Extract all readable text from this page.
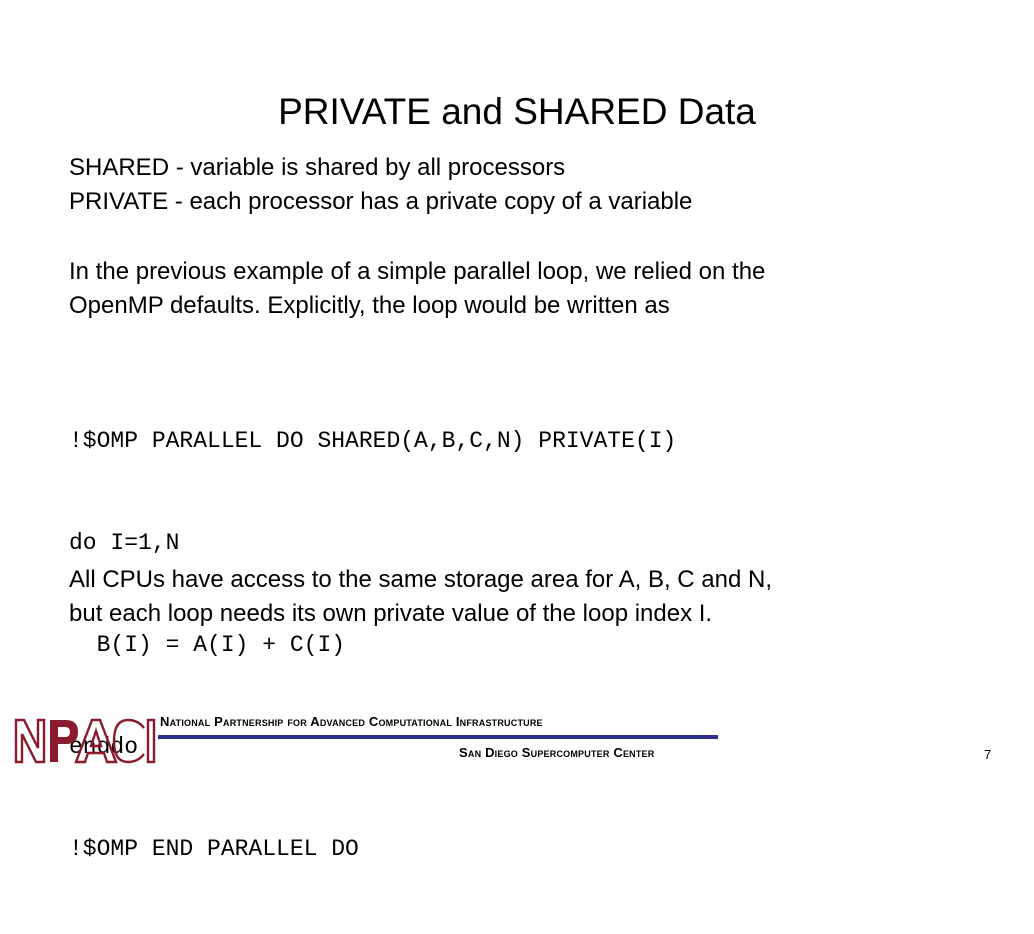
PRIVATE and SHARED Data
SHARED - variable is shared by all processors
PRIVATE - each processor has a private copy of a variable
In the previous example of a simple parallel loop, we relied on the
OpenMP defaults. Explicitly, the loop would be written as

!$OMP PARALLEL DO SHARED(A,B,C,N) PRIVATE(I)

do I=1,N

B(I) = A(I) + C(I)

enddo

!$OMP END PARALLEL DO

All CPUs have access to the same storage area for A, B, C and N,
but each loop needs its own private value of the loop index I.
National Partnership for Advanced Computational Infrastructure
San Diego Supercomputer Center	7
